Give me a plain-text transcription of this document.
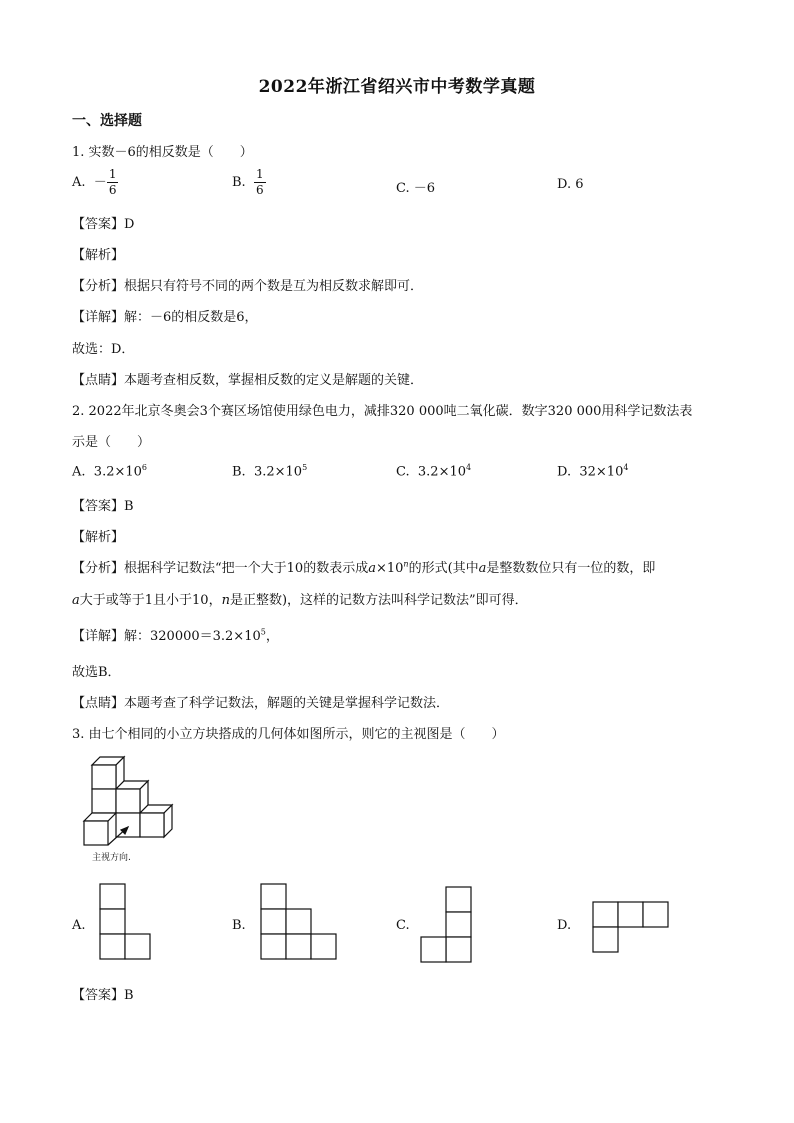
2022年浙江省绍兴市中考数学真题
一、选择题
1. 实数－6的相反数是（　　）
A. － $\frac{1}{6}$	B. $\frac{1}{6}$	C. －6	D. 6
【答案】D
【解析】
【分析】根据只有符号不同的两个数是互为相反数求解即可．
【详解】解：－6的相反数是6，
故选：D．
【点睛】本题考查相反数，掌握相反数的定义是解题的关键．
2. 2022年北京冬奥会3个赛区场馆使用绿色电力，减排320 000吨二氧化碳．数字320 000用科学记数法表
示是（　　）
A. $3.2\times 10^6$	B. $3.2\times 10^5$	C. $3.2\times 10^4$	D. $32\times 10^4$
【答案】B
【解析】
【分析】根据科学记数法“把一个大于10的数表示成$a\times 10^n$的形式(其中a是整数数位只有一位的数，即
a大于或等于1且小于10，n是正整数)，这样的记数方法叫科学记数法”即可得．
【详解】解：$320000=3.2\times 10^5$，
故选B．
【点睛】本题考查了科学记数法，解题的关键是掌握科学记数法．
3. 由七个相同的小立方块搭成的几何体如图所示，则它的主视图是（　　）
主视方向.
A.	B.	C.	D.
【答案】B
